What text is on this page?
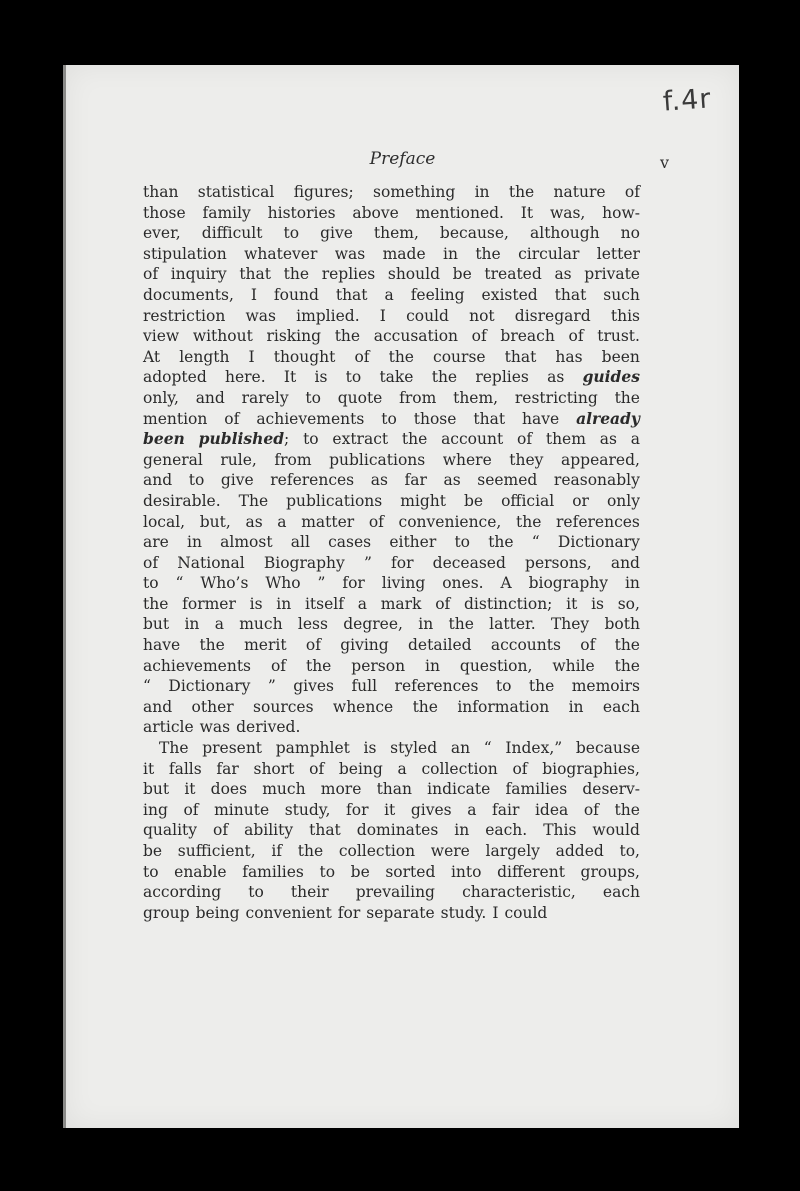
f.4r
Preface	v
than statistical figures; something in the nature of
those family histories above mentioned. It was, how-
ever, difficult to give them, because, although no
stipulation whatever was made in the circular letter
of inquiry that the replies should be treated as private
documents, I found that a feeling existed that such
restriction was implied. I could not disregard this
view without risking the accusation of breach of trust.
At length I thought of the course that has been
adopted here. It is to take the replies as guides
only, and rarely to quote from them, restricting the
mention of achievements to those that have already
been published; to extract the account of them as a
general rule, from publications where they appeared,
and to give references as far as seemed reasonably
desirable. The publications might be official or only
local, but, as a matter of convenience, the references
are in almost all cases either to the “ Dictionary
of National Biography ” for deceased persons, and
to “ Who’s Who ” for living ones. A biography in
the former is in itself a mark of distinction; it is so,
but in a much less degree, in the latter. They both
have the merit of giving detailed accounts of the
achievements of the person in question, while the
“ Dictionary ” gives full references to the memoirs
and other sources whence the information in each
article was derived.
The present pamphlet is styled an “ Index,” because
it falls far short of being a collection of biographies,
but it does much more than indicate families deserv-
ing of minute study, for it gives a fair idea of the
quality of ability that dominates in each. This would
be sufficient, if the collection were largely added to,
to enable families to be sorted into different groups,
according to their prevailing characteristic, each
group being convenient for separate study. I could
